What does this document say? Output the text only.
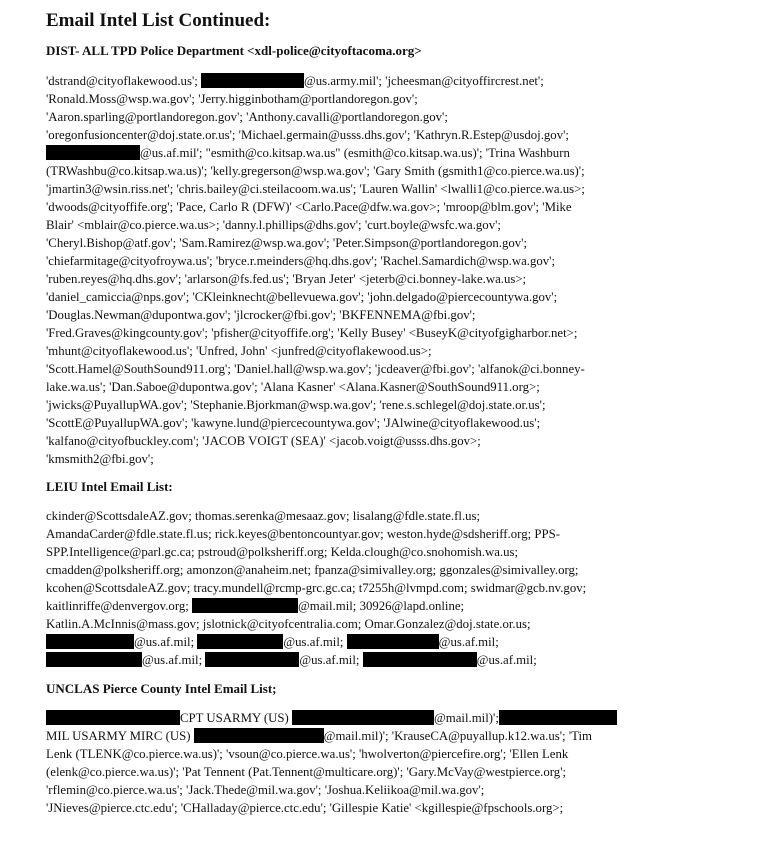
Email Intel List Continued:
DIST- ALL TPD Police Department <xdl-police@cityoftacoma.org>
'dstrand@cityoflakewood.us';	@us.army.mil'; 'jcheesman@cityoffircrest.net';
'Ronald.Moss@wsp.wa.gov'; 'Jerry.higginbotham@portlandoregon.gov';
'Aaron.sparling@portlandoregon.gov'; 'Anthony.cavalli@portlandoregon.gov';
'oregonfusioncenter@doj.state.or.us'; 'Michael.germain@usss.dhs.gov'; 'Kathryn.R.Estep@usdoj.gov';
@us.af.mil'; "esmith@co.kitsap.wa.us" (esmith@co.kitsap.wa.us)'; 'Trina Washburn
(TRWashbu@co.kitsap.wa.us)'; 'kelly.gregerson@wsp.wa.gov'; 'Gary Smith (gsmith1@co.pierce.wa.us)';
'jmartin3@wsin.riss.net'; 'chris.bailey@ci.steilacoom.wa.us'; 'Lauren Wallin' <lwalli1@co.pierce.wa.us>;
'dwoods@cityoffife.org'; 'Pace, Carlo R (DFW)' <Carlo.Pace@dfw.wa.gov>; 'mroop@blm.gov'; 'Mike
Blair' <mblair@co.pierce.wa.us>; 'danny.l.phillips@dhs.gov'; 'curt.boyle@wsfc.wa.gov';
'Cheryl.Bishop@atf.gov'; 'Sam.Ramirez@wsp.wa.gov'; 'Peter.Simpson@portlandoregon.gov';
'chiefarmitage@cityofroywa.us'; 'bryce.r.meinders@hq.dhs.gov'; 'Rachel.Samardich@wsp.wa.gov';
'ruben.reyes@hq.dhs.gov'; 'arlarson@fs.fed.us'; 'Bryan Jeter' <jeterb@ci.bonney-lake.wa.us>;
'daniel_camiccia@nps.gov'; 'CKleinknecht@bellevuewa.gov'; 'john.delgado@piercecountywa.gov';
'Douglas.Newman@dupontwa.gov'; 'jlcrocker@fbi.gov'; 'BKFENNEMA@fbi.gov';
'Fred.Graves@kingcounty.gov'; 'pfisher@cityoffife.org'; 'Kelly Busey' <BuseyK@cityofgigharbor.net>;
'mhunt@cityoflakewood.us'; 'Unfred, John' <junfred@cityoflakewood.us>;
'Scott.Hamel@SouthSound911.org'; 'Daniel.hall@wsp.wa.gov'; 'jcdeaver@fbi.gov'; 'alfanok@ci.bonney-
lake.wa.us'; 'Dan.Saboe@dupontwa.gov'; 'Alana Kasner' <Alana.Kasner@SouthSound911.org>;
'jwicks@PuyallupWA.gov'; 'Stephanie.Bjorkman@wsp.wa.gov'; 'rene.s.schlegel@doj.state.or.us';
'ScottE@PuyallupWA.gov'; 'kawyne.lund@piercecountywa.gov'; 'JAlwine@cityoflakewood.us';
'kalfano@cityofbuckley.com'; 'JACOB VOIGT (SEA)' <jacob.voigt@usss.dhs.gov>;
'kmsmith2@fbi.gov';
LEIU Intel Email List:
ckinder@ScottsdaleAZ.gov; thomas.serenka@mesaaz.gov; lisalang@fdle.state.fl.us;
AmandaCarder@fdle.state.fl.us; rick.keyes@bentoncountyar.gov; weston.hyde@sdsheriff.org; PPS-
SPP.Intelligence@parl.gc.ca; pstroud@polksheriff.org; Kelda.clough@co.snohomish.wa.us;
cmadden@polksheriff.org; amonzon@anaheim.net; fpanza@simivalley.org; ggonzales@simivalley.org;
kcohen@ScottsdaleAZ.gov; tracy.mundell@rcmp-grc.gc.ca; t7255h@lvmpd.com; swidmar@gcb.nv.gov;
kaitlinriffe@denvergov.org;	@mail.mil; 30926@lapd.online;
Katlin.A.McInnis@mass.gov; jslotnick@cityofcentralia.com; Omar.Gonzalez@doj.state.or.us;
@us.af.mil;	@us.af.mil;	@us.af.mil;
@us.af.mil;	@us.af.mil;	@us.af.mil;
UNCLAS Pierce County Intel Email List;
CPT USARMY (US)	@mail.mil)';
MIL USARMY MIRC (US)	@mail.mil)'; 'KrauseCA@puyallup.k12.wa.us'; 'Tim
Lenk (TLENK@co.pierce.wa.us)'; 'vsoun@co.pierce.wa.us'; 'hwolverton@piercefire.org'; 'Ellen Lenk
(elenk@co.pierce.wa.us)'; 'Pat Tennent (Pat.Tennent@multicare.org)'; 'Gary.McVay@westpierce.org';
'rflemin@co.pierce.wa.us'; 'Jack.Thede@mil.wa.gov'; 'Joshua.Keliikoa@mil.wa.gov';
'JNieves@pierce.ctc.edu'; 'CHalladay@pierce.ctc.edu'; 'Gillespie Katie' <kgillespie@fpschools.org>;
